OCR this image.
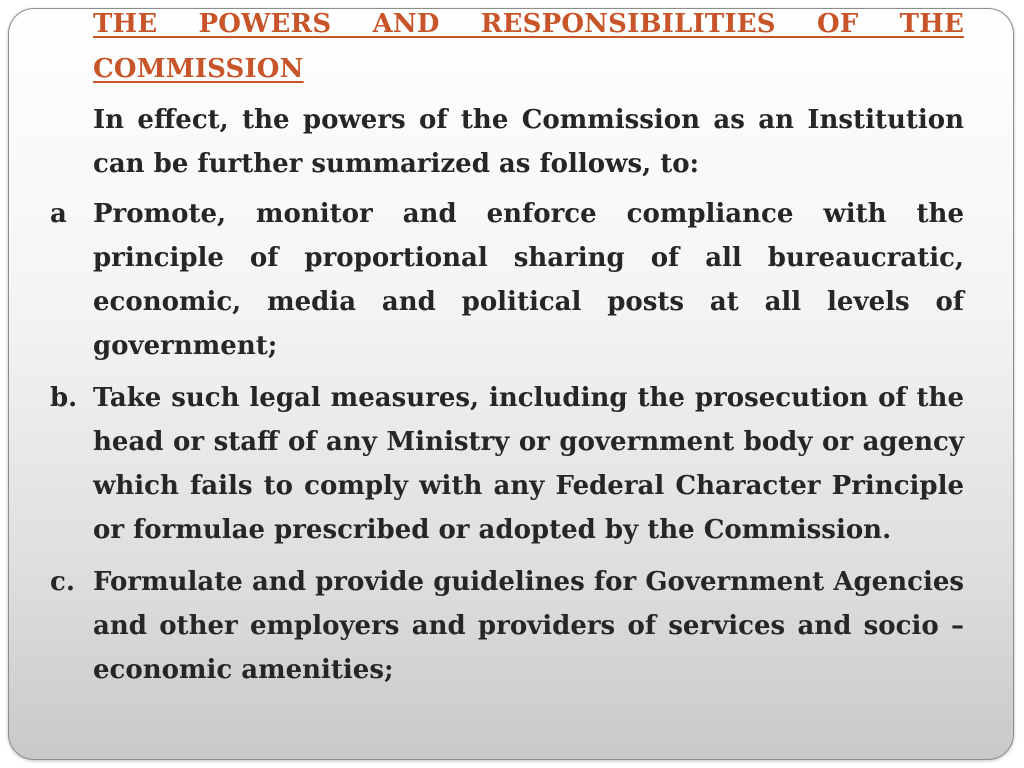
THE POWERS AND RESPONSIBILITIES OF THE COMMISSION

In effect, the powers of the Commission as an Institution can be further summarized as follows, to:

a	Promote, monitor and enforce compliance with the principle of proportional sharing of all bureaucratic, economic, media and political posts at all levels of government;
b. Take such legal measures, including the prosecution of the head or staff of any Ministry or government body or agency which fails to comply with any Federal Character Principle or formulae prescribed or adopted by the Commission.
c. Formulate and provide guidelines for Government Agencies and other employers and providers of services and socio – economic amenities;
